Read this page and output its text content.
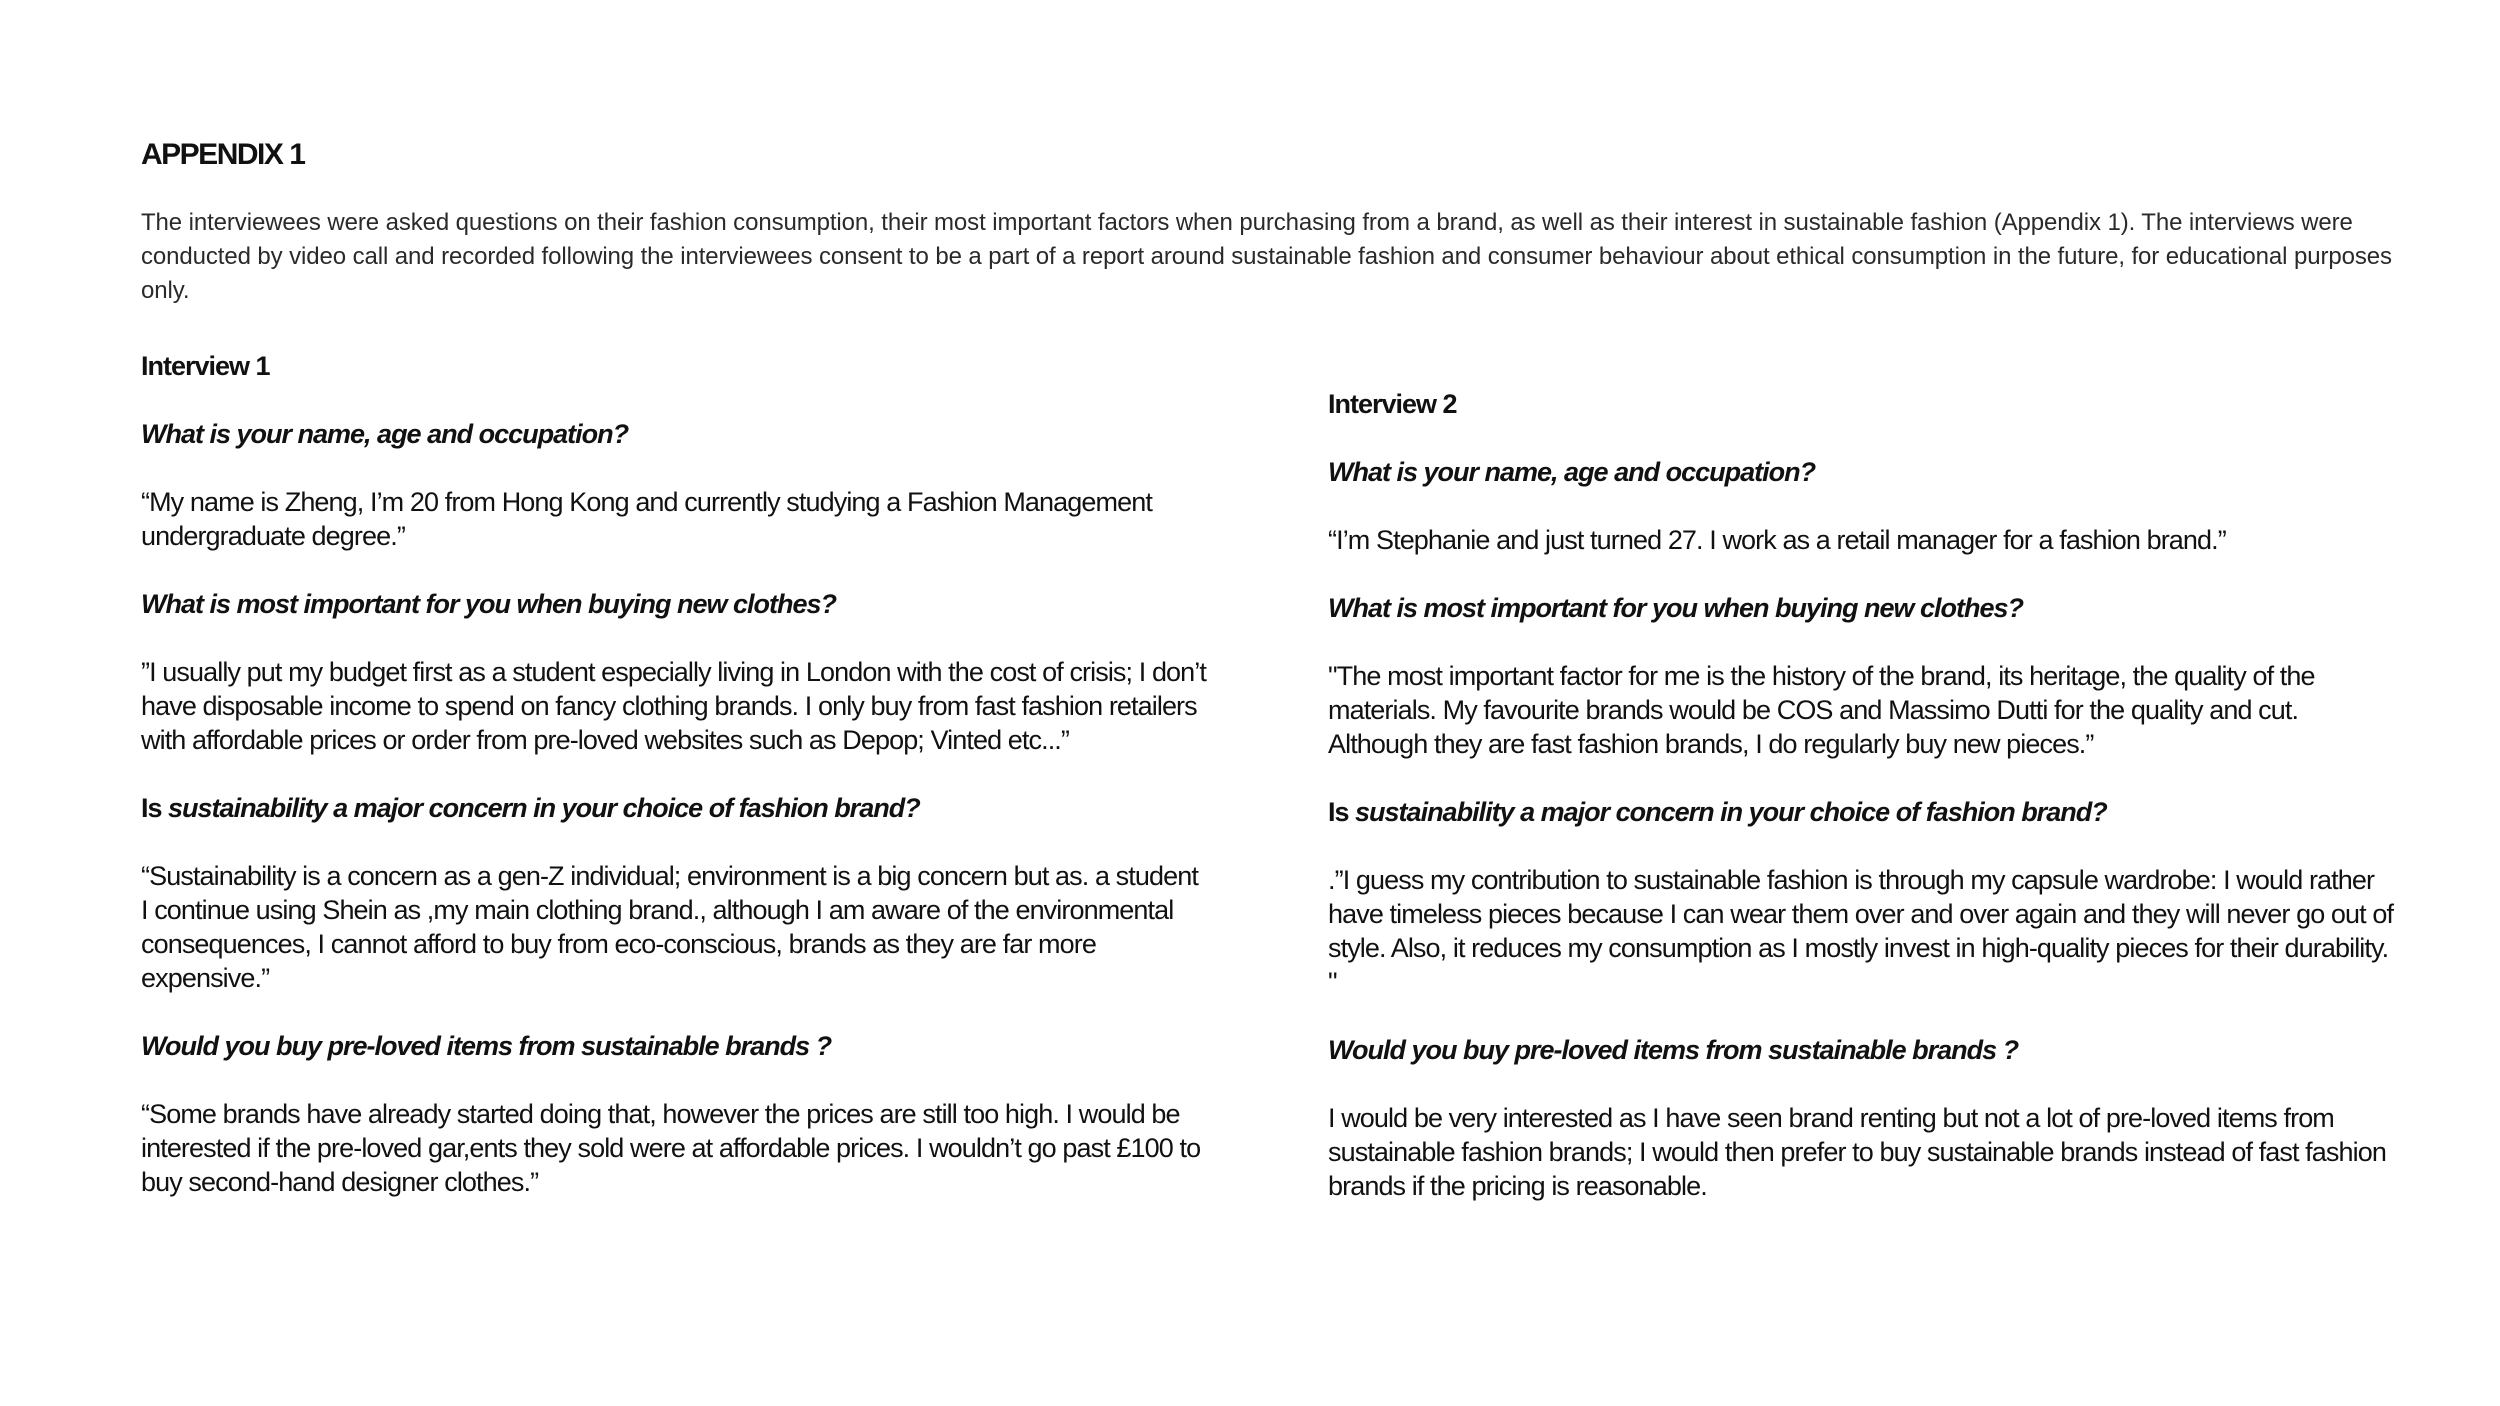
APPENDIX 1

The interviewees were asked questions on their fashion consumption, their most important factors when purchasing from a brand, as well as their interest in sustainable fashion (Appendix 1). The interviews were conducted by video call and recorded following the interviewees consent to be a part of a report around sustainable fashion and consumer behaviour about ethical consumption in the future, for educational purposes only.

Interview 1

What is your name, age and occupation?

“My name is Zheng, I’m 20 from Hong Kong and currently studying a Fashion Management undergraduate degree.”

What is most important for you when buying new clothes?

”I usually put my budget first as a student especially living in London with the cost of crisis; I don’t have disposable income to spend on fancy clothing brands. I only buy from fast fashion retailers with affordable prices or order from pre-loved websites such as Depop; Vinted etc...”

Is sustainability a major concern in your choice of fashion brand?

“Sustainability is a concern as a gen-Z individual; environment is a big concern but as. a student I continue using Shein as ,my main clothing brand., although I am aware of the environmental consequences, I cannot afford to buy from eco-conscious, brands as they are far more expensive.”

Would you buy pre-loved items from sustainable brands ?

“Some brands have already started doing that, however the prices are still too high. I would be interested if the pre-loved gar,ents they sold were at affordable prices. I wouldn’t go past £100 to buy second-hand designer clothes.”

Interview 2

What is your name, age and occupation?

“I’m Stephanie and just turned 27. I work as a retail manager for a fashion brand.”

What is most important for you when buying new clothes?

"The most important factor for me is the history of the brand, its heritage, the quality of the materials. My favourite brands would be COS and Massimo Dutti for the quality and cut. Although they are fast fashion brands, I do regularly buy new pieces.”

Is sustainability a major concern in your choice of fashion brand?

.”I guess my contribution to sustainable fashion is through my capsule wardrobe: I would rather have timeless pieces because I can wear them over and over again and they will never go out of style. Also, it reduces my consumption as I mostly invest in high-quality pieces for their durability. "

Would you buy pre-loved items from sustainable brands ?

I would be very interested as I have seen brand renting but not a lot of pre-loved items from sustainable fashion brands; I would then prefer to buy sustainable brands instead of fast fashion brands if the pricing is reasonable.
